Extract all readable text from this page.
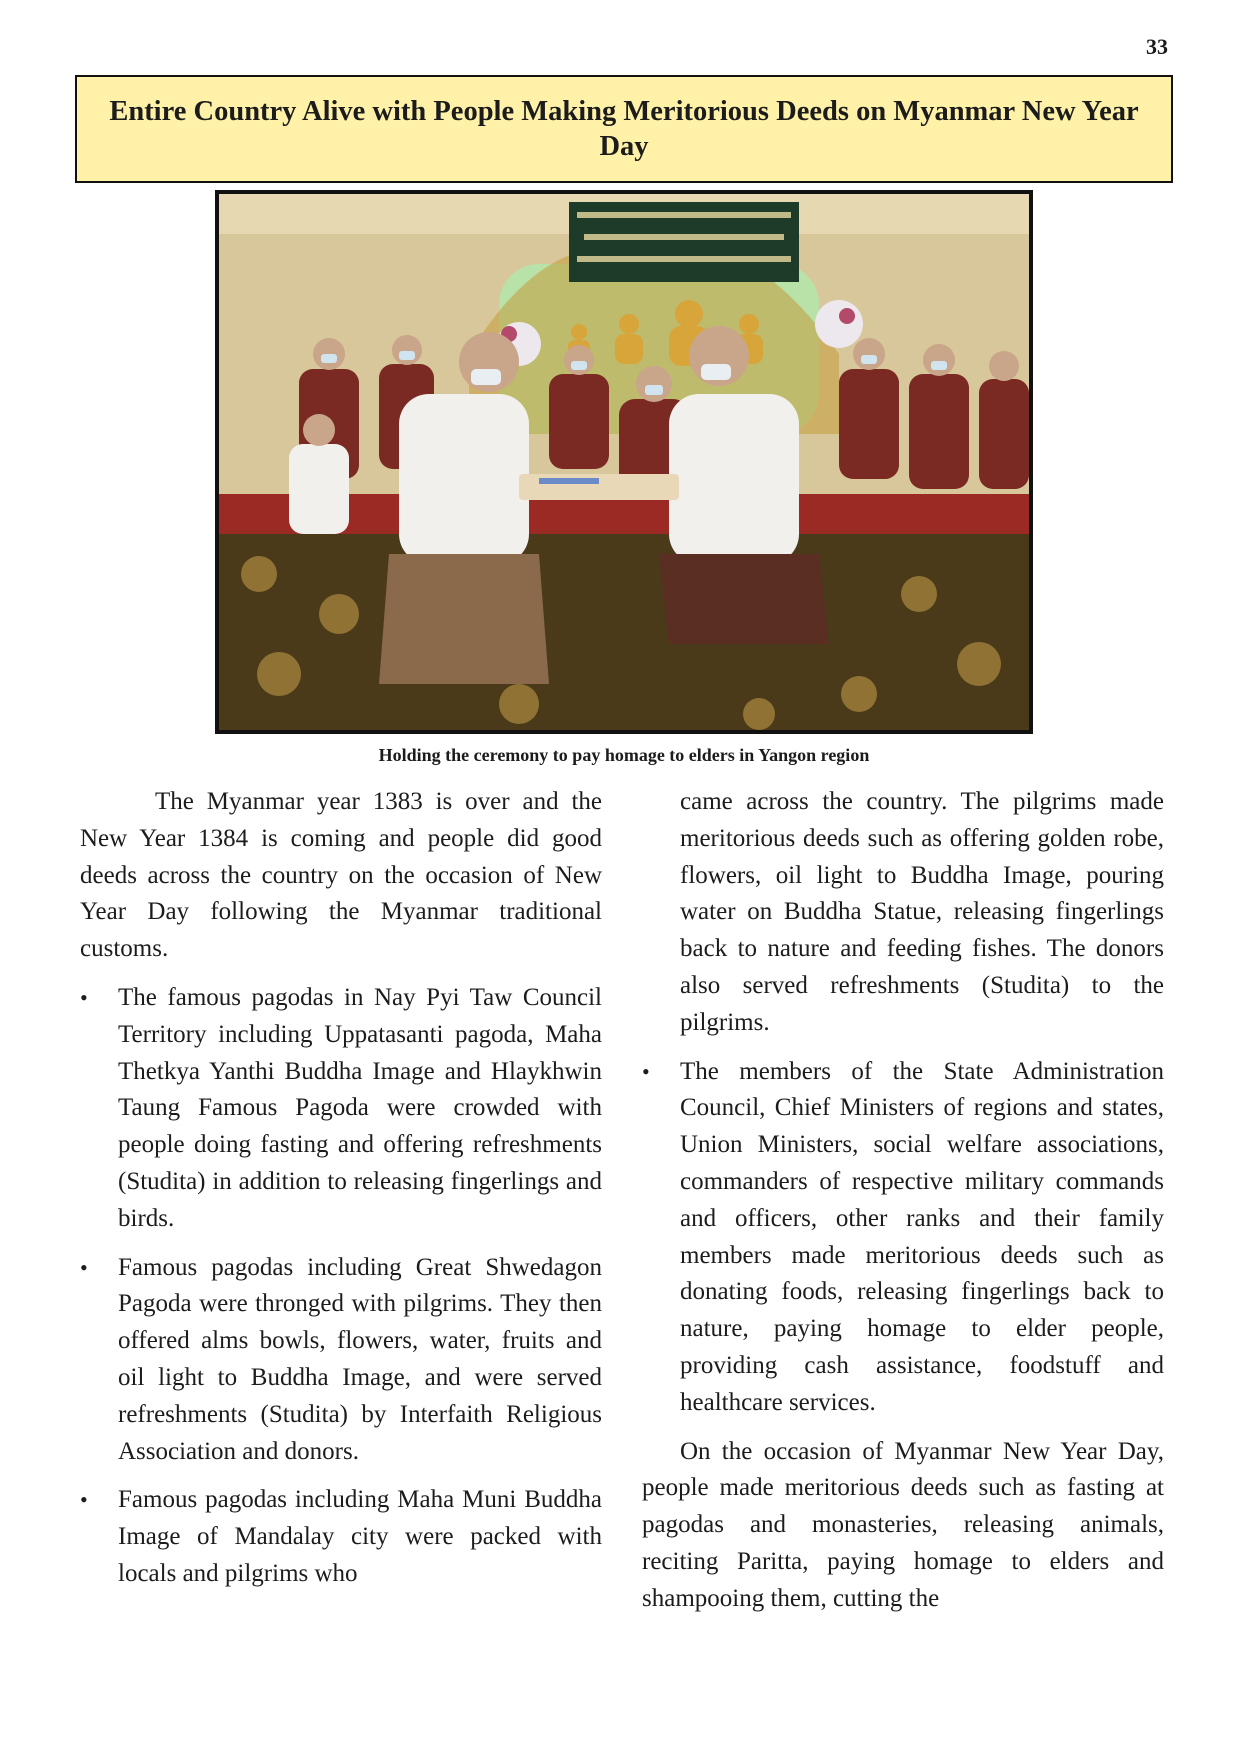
33
Entire Country Alive with People Making Meritorious Deeds on Myanmar New Year Day
Holding the ceremony to pay homage to elders in Yangon region

The Myanmar year 1383 is over and the New Year 1384 is coming and people did good deeds across the country on the occasion of New Year Day following the Myanmar traditional customs.

• The famous pagodas in Nay Pyi Taw Council Territory including Uppatasanti pagoda, Maha Thetkya Yanthi Buddha Image and Hlaykhwin Taung Famous Pagoda were crowded with people doing fasting and offering refreshments (Studita) in addition to releasing fingerlings and birds.
• Famous pagodas including Great Shwedagon Pagoda were thronged with pilgrims. They then offered alms bowls, flowers, water, fruits and oil light to Buddha Image, and were served refreshments (Studita) by Interfaith Religious Association and donors.
• Famous pagodas including Maha Muni Buddha Image of Mandalay city were packed with locals and pilgrims who

came across the country. The pilgrims made meritorious deeds such as offering golden robe, flowers, oil light to Buddha Image, pouring water on Buddha Statue, releasing fingerlings back to nature and feeding fishes. The donors also served refreshments (Studita) to the pilgrims.

• The members of the State Administration Council, Chief Ministers of regions and states, Union Ministers, social welfare associations, commanders of respective military commands and officers, other ranks and their family members made meritorious deeds such as donating foods, releasing fingerlings back to nature, paying homage to elder people, providing cash assistance, foodstuff and healthcare services.

On the occasion of Myanmar New Year Day, people made meritorious deeds such as fasting at pagodas and monasteries, releasing animals, reciting Paritta, paying homage to elders and shampooing them, cutting the
